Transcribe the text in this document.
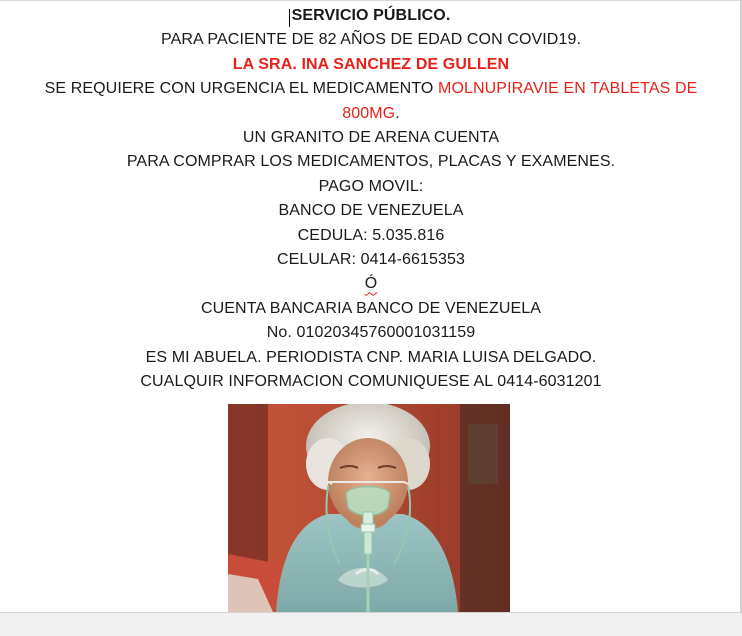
SERVICIO PÚBLICO.
PARA PACIENTE DE 82 AÑOS DE EDAD CON COVID19.
LA SRA. INA SANCHEZ DE GULLEN
SE REQUIERE CON URGENCIA EL MEDICAMENTO MOLNUPIRAVIE EN TABLETAS DE
800MG.
UN GRANITO DE ARENA CUENTA
PARA COMPRAR LOS MEDICAMENTOS, PLACAS Y EXAMENES.
PAGO MOVIL:
BANCO DE VENEZUELA
CEDULA: 5.035.816
CELULAR: 0414-6615353
Ó
CUENTA BANCARIA BANCO DE VENEZUELA
No. 01020345760001031159
ES MI ABUELA. PERIODISTA CNP. MARIA LUISA DELGADO.
CUALQUIR INFORMACION COMUNIQUESE AL 0414-6031201
